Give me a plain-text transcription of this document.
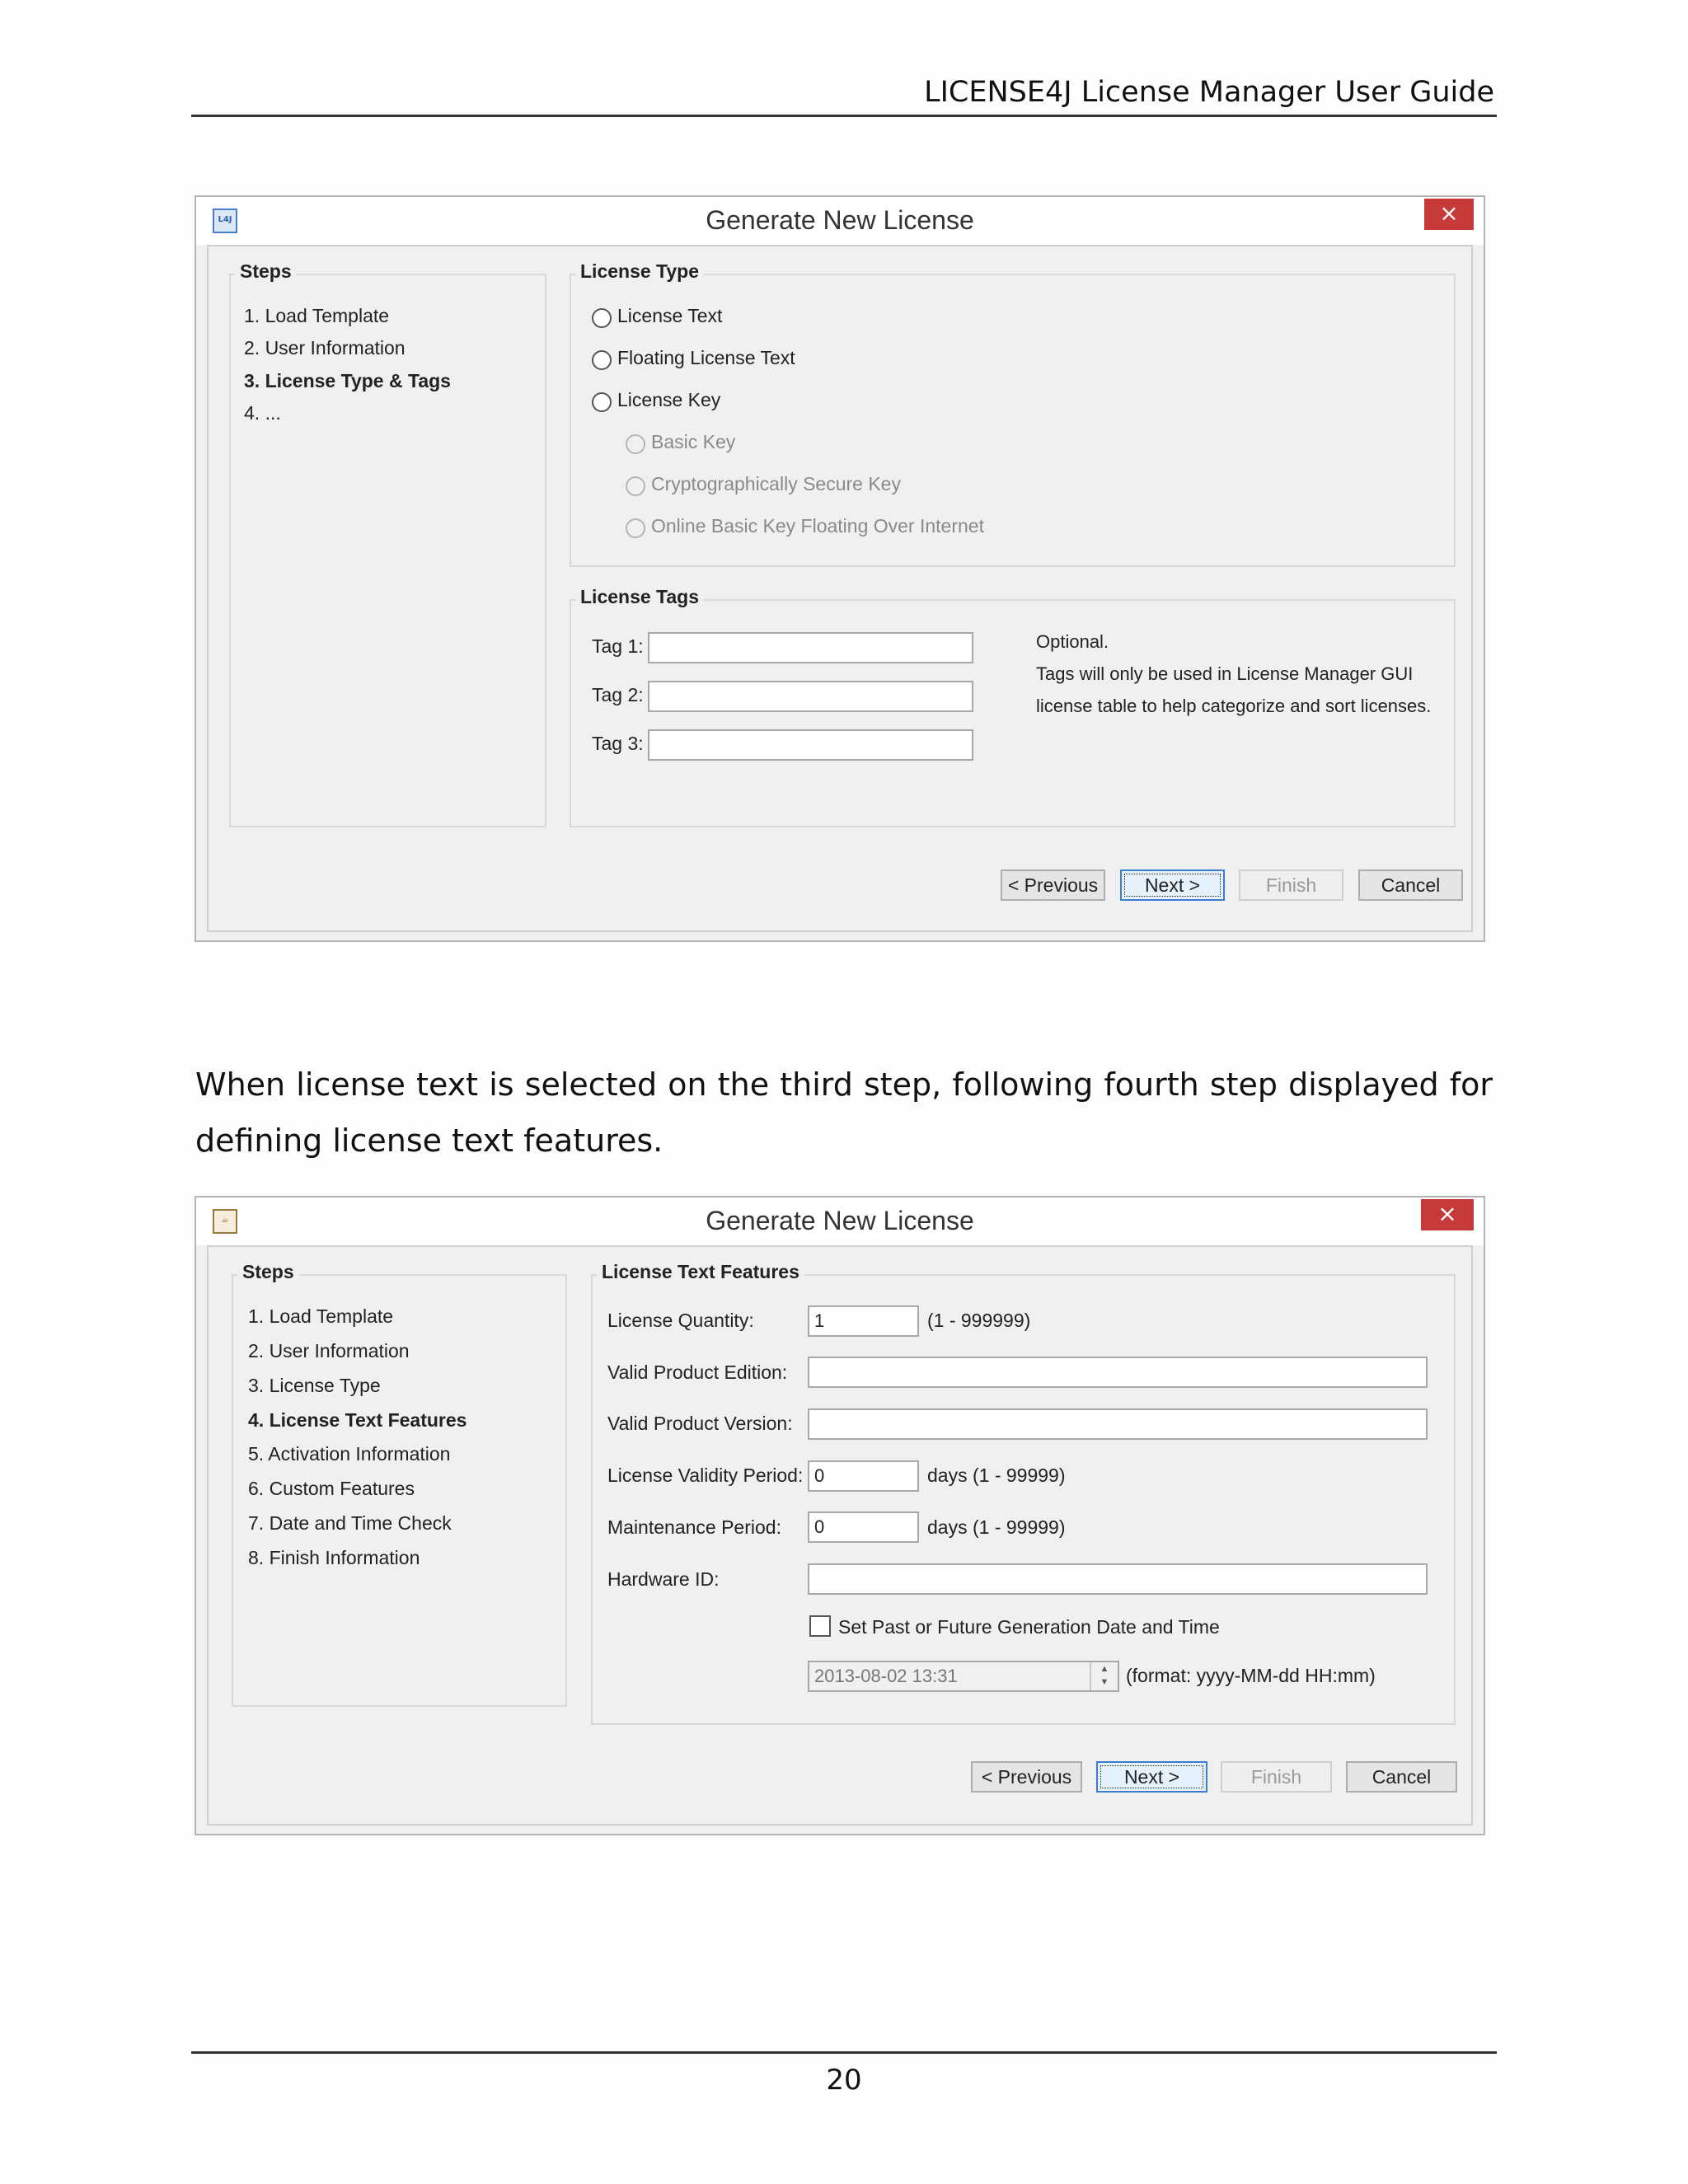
LICENSE4J License Manager User Guide
L4J	Generate New License	×
Steps
1. Load Template
2. User Information
3. License Type & Tags
4. ...
License Type
License Text
Floating License Text
License Key
Basic Key
Cryptographically Secure Key
Online Basic Key Floating Over Internet
License Tags
Tag 1:
Tag 2:
Tag 3:
Optional.
Tags will only be used in License Manager GUI
license table to help categorize and sort licenses.
< Previous	Next >	Finish	Cancel
When license text is selected on the third step, following fourth step displayed for defining license text features.
☕	Generate New License	×
Steps
1. Load Template
2. User Information
3. License Type
4. License Text Features
5. Activation Information
6. Custom Features
7. Date and Time Check
8. Finish Information
License Text Features
License Quantity:	1	(1 - 999999)
Valid Product Edition:
Valid Product Version:
License Validity Period: 0	days (1 - 99999)
Maintenance Period:	0	days (1 - 99999)
Hardware ID:
Set Past or Future Generation Date and Time
2013-08-02 13:31	▲
▼ (format: yyyy-MM-dd HH:mm)
< Previous	Next >	Finish	Cancel
20
